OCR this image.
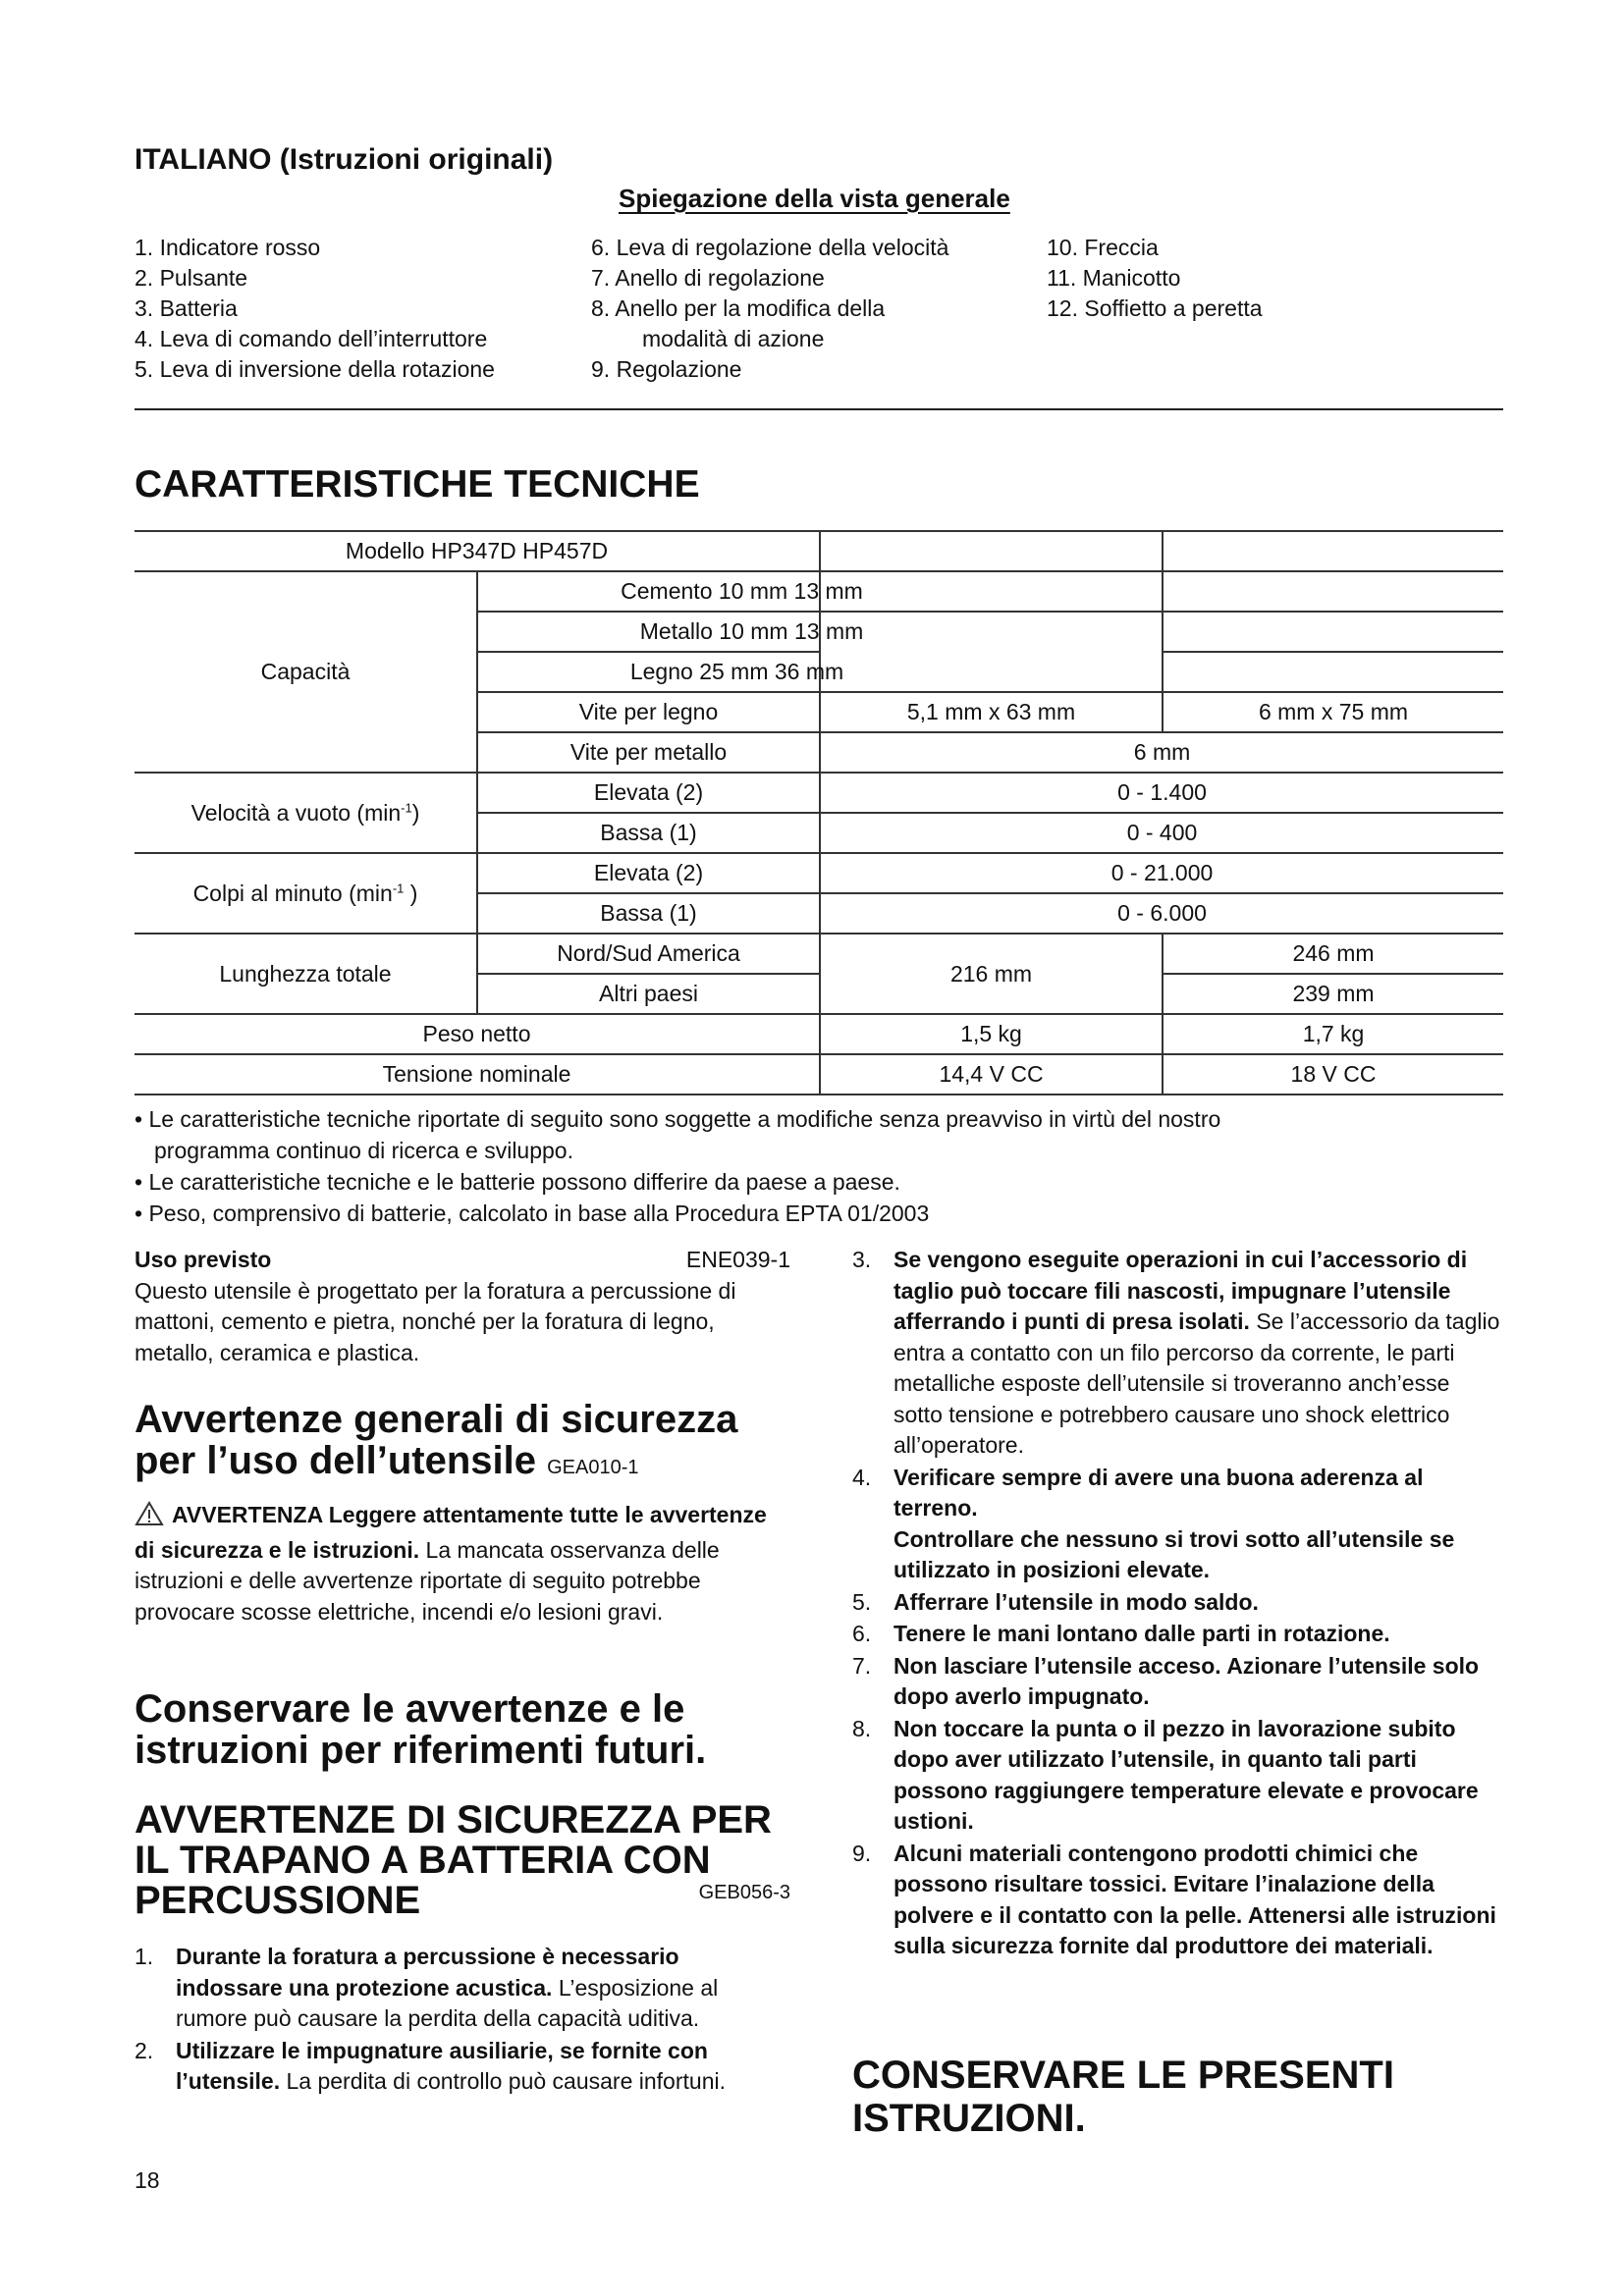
ITALIANO (Istruzioni originali)
Spiegazione della vista generale
1. Indicatore rosso
2. Pulsante
3. Batteria
4. Leva di comando dell’interruttore
5. Leva di inversione della rotazione
6. Leva di regolazione della velocità
7. Anello di regolazione
8. Anello per la modifica della
modalità di azione
9. Regolazione
10. Freccia
11. Manicotto
12. Soffietto a peretta
CARATTERISTICHE TECNICHE
Modello HP347D HP457D			
Capacità	Cemento 10 mm 13 mm		
	Metallo 10 mm 13 mm		
	Legno 25 mm 36 mm		
	Vite per legno	5,1 mm x 63 mm	6 mm x 75 mm
	Vite per metallo	6 mm	
Velocità a vuoto $(\min^{-1})$	Elevata (2)	0 - 1.400	
	Bassa (1)	0 - 400	
Colpi al minuto ($\min^{-1}$ )	Elevata (2)	0 - 21.000	
	Bassa (1)	0 - 6.000	
Lunghezza totale	Nord/Sud America	216 mm	246 mm
	Altri paesi		239 mm
Peso netto		1,5 kg	1,7 kg
Tensione nominale		14,4 V CC	18 V CC
• Le caratteristiche tecniche riportate di seguito sono soggette a modifiche senza preavviso in virtù del nostro
programma continuo di ricerca e sviluppo.
• Le caratteristiche tecniche e le batterie possono differire da paese a paese.
• Peso, comprensivo di batterie, calcolato in base alla Procedura EPTA 01/2003
Uso previsto	ENE039-1
Questo utensile è progettato per la foratura a percussione di mattoni, cemento e pietra, nonché per la foratura di legno, metallo, ceramica e plastica.
Avvertenze generali di sicurezza per l’uso dell’utensile GEA010-1
AVVERTENZA Leggere attentamente tutte le avvertenze di sicurezza e le istruzioni. La mancata osservanza delle istruzioni e delle avvertenze riportate di seguito potrebbe provocare scosse elettriche, incendi e/o lesioni gravi.
Conservare le avvertenze e le istruzioni per riferimenti futuri.
AVVERTENZE DI SICUREZZA PER IL TRAPANO A BATTERIA CON PERCUSSIONE	GEB056-3
1. Durante la foratura a percussione è necessario indossare una protezione acustica. L’esposizione al rumore può causare la perdita della capacità uditiva.
2. Utilizzare le impugnature ausiliarie, se fornite con l’utensile. La perdita di controllo può causare infortuni.
3. Se vengono eseguite operazioni in cui l’accessorio di taglio può toccare fili nascosti, impugnare l’utensile afferrando i punti di presa isolati. Se l’accessorio da taglio entra a contatto con un filo percorso da corrente, le parti metalliche esposte dell’utensile si troveranno anch’esse sotto tensione e potrebbero causare uno shock elettrico all’operatore.
4. Verificare sempre di avere una buona aderenza al terreno.
Controllare che nessuno si trovi sotto all’utensile se utilizzato in posizioni elevate.
5. Afferrare l’utensile in modo saldo.
6. Tenere le mani lontano dalle parti in rotazione.
7. Non lasciare l’utensile acceso. Azionare l’utensile solo dopo averlo impugnato.
8. Non toccare la punta o il pezzo in lavorazione subito dopo aver utilizzato l’utensile, in quanto tali parti possono raggiungere temperature elevate e provocare ustioni.
9. Alcuni materiali contengono prodotti chimici che possono risultare tossici. Evitare l’inalazione della polvere e il contatto con la pelle. Attenersi alle istruzioni sulla sicurezza fornite dal produttore dei materiali.
CONSERVARE LE PRESENTI ISTRUZIONI.
18
